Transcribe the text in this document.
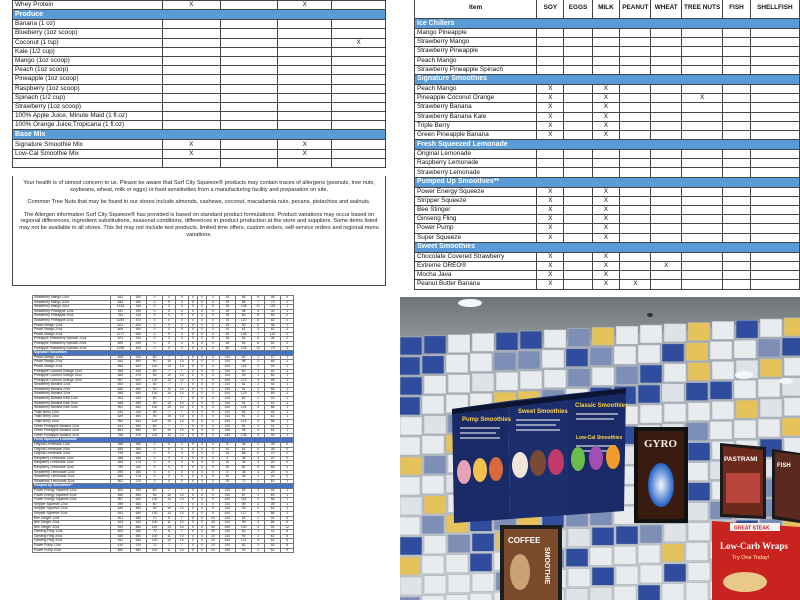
Whey Protein	X		X	
Produce				
Banana (1 oz)				
Blueberry (1oz scoop)				
Coconut (1 tsp)				X
Kale (1/2 cup)				
Mango (1oz scoop)				
Peach (1oz scoop)				
Pineapple (1oz scoop)				
Raspberry (1oz scoop)				
Spinach (1/2 cup)				
Strawberry (1oz scoop)				
100% Apple Juice, Minute Maid (1 fl.oz)				
100% Orange Juice,Tropicana (1 fl.oz)				
Base Mix				
Signature Smoothie Mix	X		X	
Low-Cal Smoothie Mix	X		X	

Your health is of utmost concern to us. Please be aware that Surf City Squeeze® products may contain traces of allergens (peanuts, tree nuts, soybeans, wheat, milk or eggs) or food sensitivities from a manufacturing facility and preparation on site.

Common Tree Nuts that may be found in our stores include almonds, cashews, coconut, macadamia nuts, pecans, pistachios and walnuts.

The Allergen information Surf City Squeeze® has provided is based on standard product formulations. Product variations may occur based on regional differences, ingredient substitutions, seasonal conditions, differences in product production at the store and suppliers. Some items listed may not be available in all stores. This list may not include test products, limited time offers, custom orders, self-service orders and regional menu variations.

Item	SOY	EGGS	MILK	PEANUT	WHEAT	TREE NUTS	FISH	SHELLFISH
Ice Chillers								
Mango Pineapple								
Strawberry Mango								
Strawberry Pineapple								
Peach Mango								
Strawberry Pineapple Spinach								
Signature Smoothies								
Peach Mango	X		X					
Pineapple Coconut Orange	X		X			X		
Strawberry Banana	X		X					
Strawberry Banana Kale	X		X					
Triple Berry	X		X					
Green Pineapple Banana	X		X					
Fresh Squeezed Lemonade								
Original Lemonade								
Raspberry Lemonade								
Strawberry Lemonade								
Pumped Up Smoothies**								
Power Energy Squeeze	X		X					
Stripper Squeeze	X		X					
Bee Stinger	X		X					
Ginseng Fling	X		X					
Power Pump	X		X					
Super Squeeze	X		X					
Sweet Smoothies								
Chocolate Covered Strawberry	X		X					
Extreme OREO®	X		X		X			
Mocha Java	X		X					
Peanut Butter Banana	X		X	X				
Strawberry Mango 12oz	641	200	0	0	0	0	0	0	15	66	8	48	0
Strawberry Mango 20oz	834	260	0	0	0	0	0	0	19	84	7	79	1
Strawberry Mango 32oz	1318	340	0	0	0	0	0	0	25	138	11	119	1
Strawberry Pineapple 12oz	611	190	0	0	0	0	0	0	15	48	4	30	1
Strawberry Pineapple 20oz	764	310	0	0	0	0	0	0	15	80	8	55	2
Strawberry Pineapple 32oz	1259	470	0	0	0	0	0	0	20	120	8	82	2
Peach Mango 12oz	621	200	0	0	0	0	0	0	15	50	5	38	1
Peach Mango 20oz	806	300	0	0	0	0	0	0	10	61	3	62	1
Peach Mango 32oz	1277	520	0	0	0	0	0	0	20	136	7	122	2
Pineapple Strawberry Spinach 12oz	621	200	0	0	0	0	0	0	35	51	4	38	2
Pineapple Strawberry Spinach 20oz	825	230	0	0	0	0	0	0	45	63	6	52	2
Pineapple Strawberry Spinach 32oz	1298	440	0	0	0	0	0	0	60	135	12	79	3
Signature Smoothies													
Peach Mango 12oz	408	310	60	7	7	0	0	0	210	62	1	47	1
Peach Mango 20oz	642	490	90	10	10	0	0	0	310	96	2	66	1
Peach Mango 32oz	954	620	120	13	13	0	0	0	420	124	2	93	1
Pineapple Coconut Orange 12oz	395	310	60	7	7	0	0	0	210	60	1	40	1
Pineapple Coconut Orange 20oz	653	470	90	10	10	0	0	0	320	93	1	64	1
Pineapple Coconut Orange 32oz	957	620	130	14	14	0	0	0	430	122	3	88	1
Strawberry Banana 12oz	400	320	60	7	7	0	0	0	210	61	2	44	1
Strawberry Banana 20oz	640	490	90	10	10	0	0	0	310	91	3	66	1
Strawberry Banana 32oz	955	620	130	14	14	0	0	0	420	123	3	89	1
Strawberry Banana Kale 12oz	404	310	60	7	7	0	0	0	210	62	2	43	1
Strawberry Banana Kale 20oz	648	490	90	10	10	0	0	0	310	91	3	62	1
Strawberry Banana Kale 32oz	961	620	130	14	14	0	0	0	420	124	4	86	1
Triple Berry 12oz	441	310	60	7	7	0	0	0	210	62	2	44	1
Triple Berry 20oz	629	460	90	10	10	0	0	0	310	87	2	62	1
Triple Berry 32oz	952	610	120	14	13	0	0	0	420	121	4	86	1
Green Pineapple Banana 12oz	441	300	60	7	7	0	0	0	220	61	2	41	1
Green Pineapple Banana 20oz	663	490	90	10	10	0	0	0	330	98	3	64	1
Green Pineapple Banana 32oz	768	670	130	14	13	0	0	0	440	138	4	90	1
Fresh Squeezed Lemonade													
Original Lemonade 12oz	268	180	0	0	0	0	0	0	5	44	0	35	0
Original Lemonade 20oz	455	300	0	0	0	0	0	0	10	61	0	38	0
Original Lemonade 32oz	799	260	0	0	0	0	0	0	20	88	0	70	0
Raspberry Lemonade 12oz	288	160	0	0	0	0	0	0	5	38	3	20	0
Raspberry Lemonade 20oz	484	170	0	0	0	0	0	0	10	44	4	40	0
Raspberry Lemonade 32oz	799	320	0	0	0	0	0	0	20	80	5	66	1
Strawberry Lemonade 12oz	290	150	0	0	0	0	0	0	5	38	1	20	0
Strawberry Lemonade 20oz	488	170	0	0	0	0	0	0	10	45	1	40	0
Strawberry Lemonade 32oz	802	270	0	0	0	0	0	0	20	72	2	63	1
Pumped Up Smoothies**													
Power Energy Squeeze 12oz	400	310	60	7	7	0	0	0	210	62	1	44	1
Power Energy Squeeze 20oz	640	450	90	10	10	0	0	0	310	87	1	63	1
Power Energy Squeeze 32oz	957	640	130	13	13	0	0	0	420	118	2	88	1
Stripper Squeeze 12oz	399	300	60	7	7	0	0	0	210	59	2	39	1
Stripper Squeeze 20oz	649	480	90	10	10	0	0	0	320	95	2	64	1
Stripper Squeeze 32oz	941	640	130	14	14	0	0	0	420	127	3	86	1
Bee Stinger 12oz	401	360	70	8	7	0	0	20	220	63	2	44	6
Bee Stinger 20oz	524	510	100	11	10	0	0	30	320	99	3	66	9
Bee Stinger 32oz	941	660	140	14	14	0	0	40	430	130	4	92	12
Ginseng Fling 12oz	409	350	70	8	7	0	0	20	230	62	1	41	6
Ginseng Fling 20oz	640	500	100	11	10	0	0	20	320	90	2	62	8
Ginseng Fling 32oz	942	640	130	14	14	0	0	20	440	121	3	82	8
Power Pump 12oz	410	370	70	7	7	0	0	20	220	62	1	40	6
Power Pump 20oz	650	540	100	11	10	0	0	20	330	93	2	61	9
Pump Smoothies
Sweet Smoothies
Classic Smoothies
Low-Cal Smoothies GYRO
PASTRAMI
FISH
GREAT STEAK
Low-Carb Wraps
Try One Today!
COFFEE
SMOOTHIE
